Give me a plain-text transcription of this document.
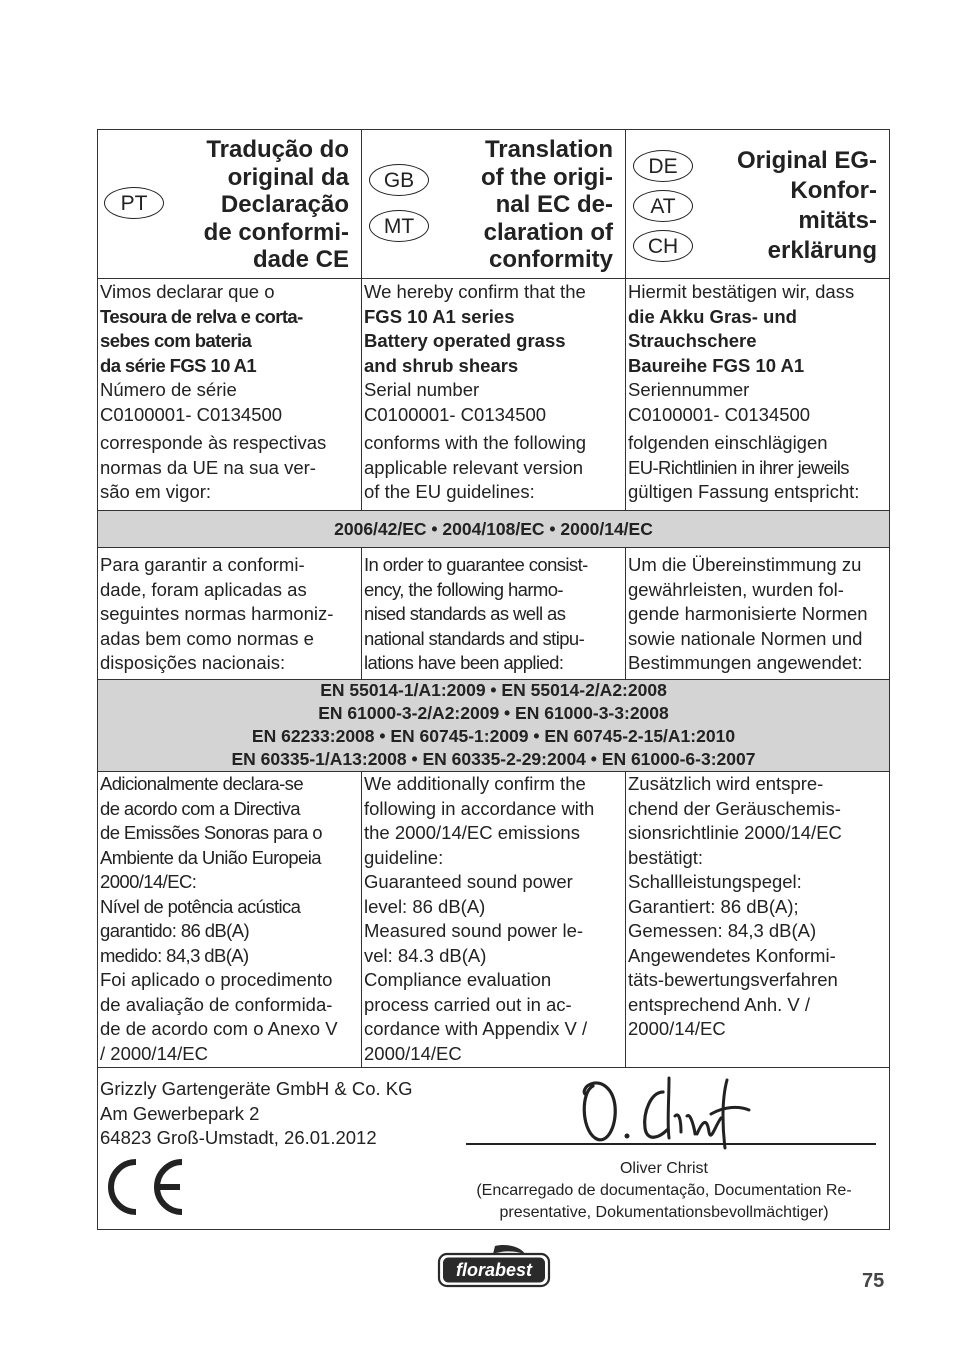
PT
Tradução do
original da
Declaração
de conformi-
dade CE
GB
MT
Translation
of the origi-
nal EC de-
claration of
conformity
DE
AT
CH
Original EG-
Konfor-
mitäts-
erklärung
Vimos declarar que o
Tesoura de relva e corta-
sebes com bateria
da série FGS 10 A1
Número de série
C0100001- C0134500
corresponde às respectivas
normas da UE na sua ver-
são em vigor:
We hereby confirm that the
FGS 10 A1 series
Battery operated grass
and shrub shears
Serial number
C0100001- C0134500
conforms with the following
applicable relevant version
of the EU guidelines:
Hiermit bestätigen wir, dass
die Akku Gras- und
Strauchschere
Baureihe FGS 10 A1
Seriennummer
C0100001- C0134500
folgenden einschlägigen
EU-Richtlinien in ihrer jeweils
gültigen Fassung entspricht:
2006/42/EC • 2004/108/EC • 2000/14/EC
Para garantir a conformi-
dade, foram aplicadas as
seguintes normas harmoniz-
adas bem como normas e
disposições nacionais:
In order to guarantee consist-
ency, the following harmo-
nised standards as well as
national standards and stipu-
lations have been applied:
Um die Übereinstimmung zu
gewährleisten, wurden fol-
gende harmonisierte Normen
sowie nationale Normen und
Bestimmungen angewendet:
EN 55014-1/A1:2009 • EN 55014-2/A2:2008
EN 61000-3-2/A2:2009 • EN 61000-3-3:2008
EN 62233:2008 • EN 60745-1:2009 • EN 60745-2-15/A1:2010
EN 60335-1/A13:2008 • EN 60335-2-29:2004 • EN 61000-6-3:2007
Adicionalmente declara-se
de acordo com a Directiva
de Emissões Sonoras para o
Ambiente da União Europeia
2000/14/EC:
Nível de potência acústica
garantido: 86 dB(A)
medido: 84,3 dB(A)
Foi aplicado o procedimento
de avaliação de conformida-
de de acordo com o Anexo V
/ 2000/14/EC
We additionally confirm the
following in accordance with
the 2000/14/EC emissions
guideline:
Guaranteed sound power
level: 86 dB(A)
Measured sound power le-
vel: 84.3 dB(A)
Compliance evaluation
process carried out in ac-
cordance with Appendix V /
2000/14/EC
Zusätzlich wird entspre-
chend der Geräuschemis-
sionsrichtlinie 2000/14/EC
bestätigt:
Schallleistungspegel:
Garantiert: 86 dB(A);
Gemessen: 84,3 dB(A)
Angewendetes Konformi-
täts-bewertungsverfahren
entsprechend Anh. V /
2000/14/EC
Grizzly Gartengeräte GmbH & Co. KG
Am Gewerbepark 2
64823 Groß-Umstadt, 26.01.2012
Oliver Christ
(Encarregado de documentação, Documentation Re-
presentative, Dokumentationsbevollmächtiger)
florabest	75
